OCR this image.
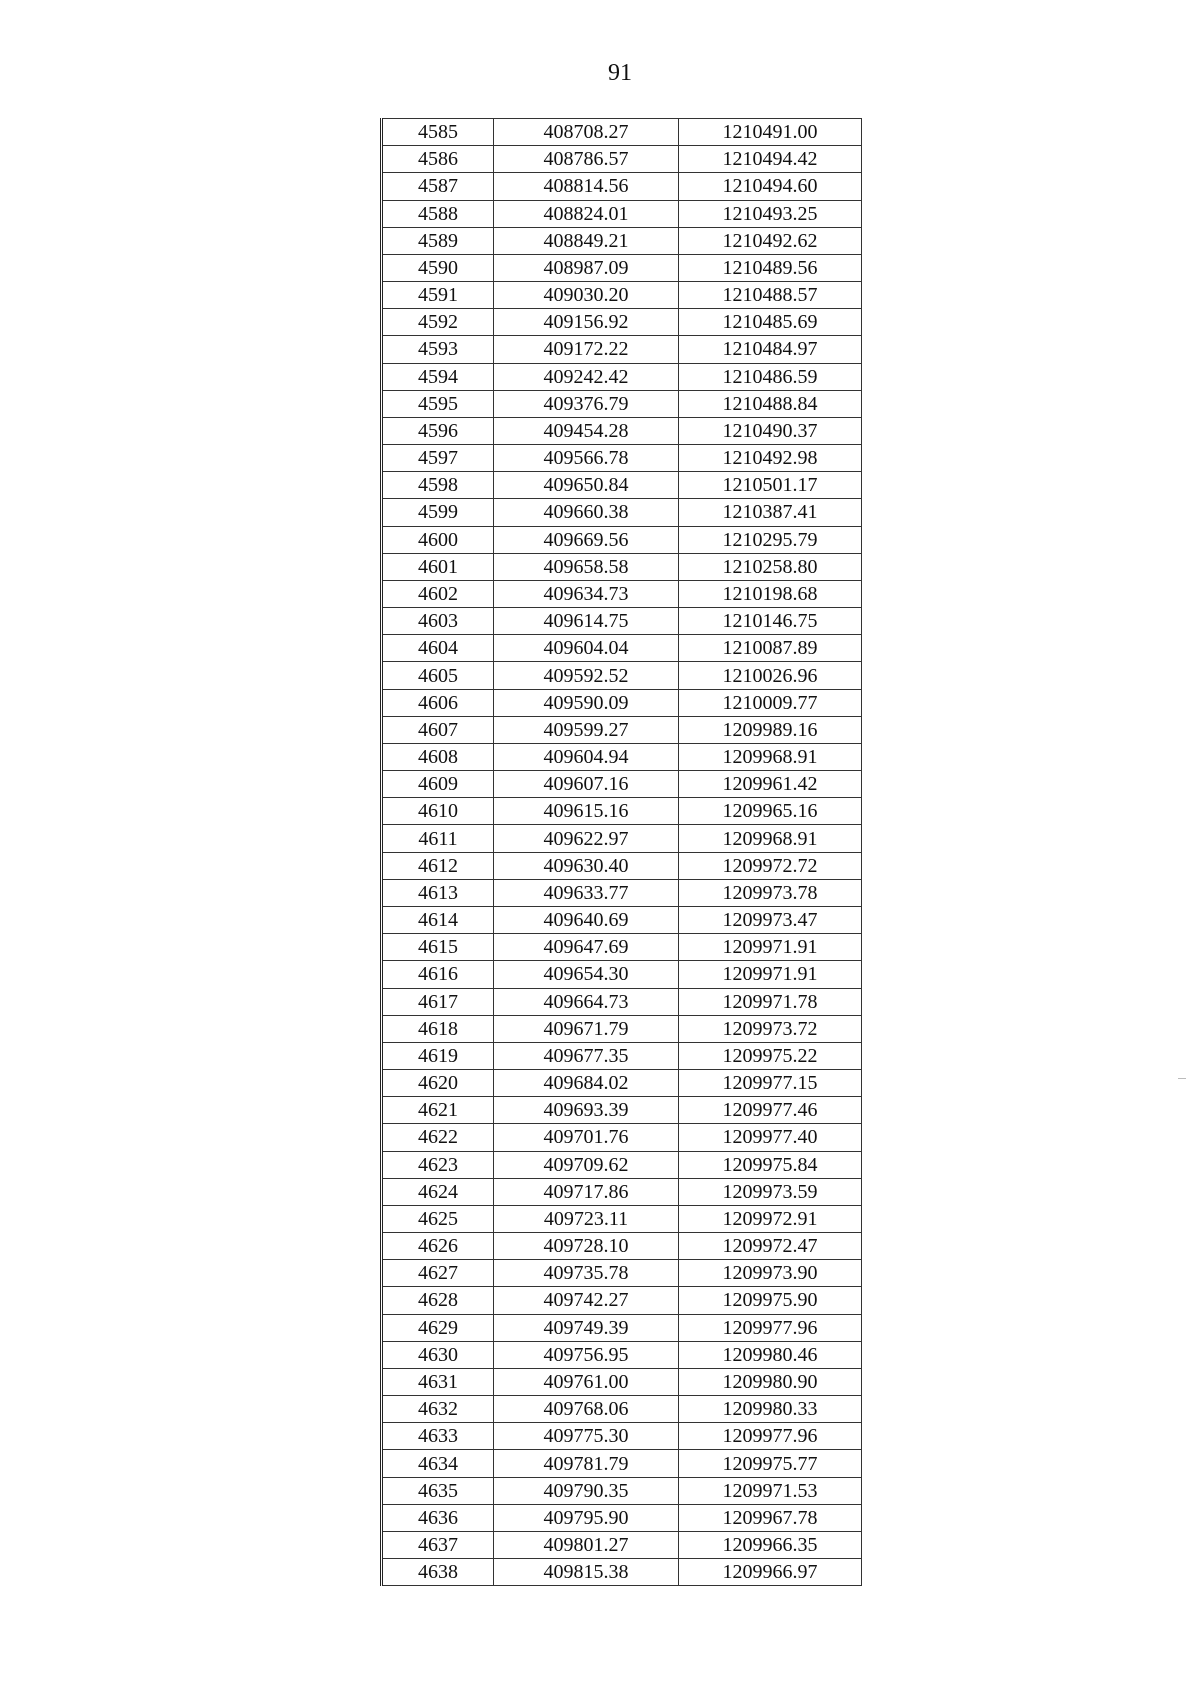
91
4585	408708.27	1210491.00
4586	408786.57	1210494.42
4587	408814.56	1210494.60
4588	408824.01	1210493.25
4589	408849.21	1210492.62
4590	408987.09	1210489.56
4591	409030.20	1210488.57
4592	409156.92	1210485.69
4593	409172.22	1210484.97
4594	409242.42	1210486.59
4595	409376.79	1210488.84
4596	409454.28	1210490.37
4597	409566.78	1210492.98
4598	409650.84	1210501.17
4599	409660.38	1210387.41
4600	409669.56	1210295.79
4601	409658.58	1210258.80
4602	409634.73	1210198.68
4603	409614.75	1210146.75
4604	409604.04	1210087.89
4605	409592.52	1210026.96
4606	409590.09	1210009.77
4607	409599.27	1209989.16
4608	409604.94	1209968.91
4609	409607.16	1209961.42
4610	409615.16	1209965.16
4611	409622.97	1209968.91
4612	409630.40	1209972.72
4613	409633.77	1209973.78
4614	409640.69	1209973.47
4615	409647.69	1209971.91
4616	409654.30	1209971.91
4617	409664.73	1209971.78
4618	409671.79	1209973.72
4619	409677.35	1209975.22
4620	409684.02	1209977.15
4621	409693.39	1209977.46
4622	409701.76	1209977.40
4623	409709.62	1209975.84
4624	409717.86	1209973.59
4625	409723.11	1209972.91
4626	409728.10	1209972.47
4627	409735.78	1209973.90
4628	409742.27	1209975.90
4629	409749.39	1209977.96
4630	409756.95	1209980.46
4631	409761.00	1209980.90
4632	409768.06	1209980.33
4633	409775.30	1209977.96
4634	409781.79	1209975.77
4635	409790.35	1209971.53
4636	409795.90	1209967.78
4637	409801.27	1209966.35
4638	409815.38	1209966.97
